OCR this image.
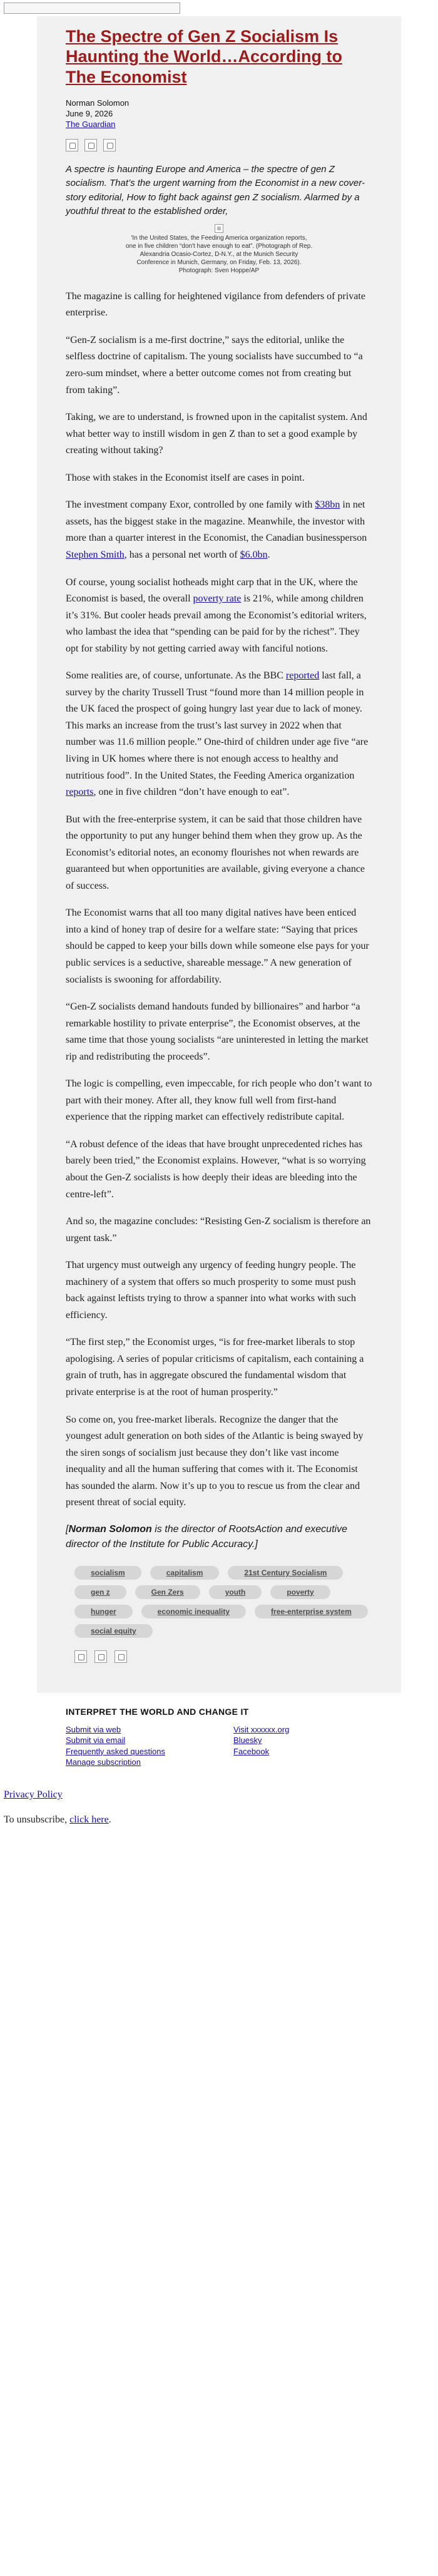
The Spectre of Gen Z Socialism Is Haunting the World…According to The Economist
Norman Solomon
June 9, 2026
The Guardian

A spectre is haunting Europe and America – the spectre of gen Z socialism. That’s the urgent warning from the Economist in a new cover-story editorial, How to fight back against gen Z socialism. Alarmed by a youthful threat to the established order,

'In the United States, the Feeding America organization reports, one in five children “don't have enough to eat”. (Photograph of Rep. Alexandria Ocasio-Cortez, D-N.Y., at the Munich Security Conference in Munich, Germany, on Friday, Feb. 13, 2026). Photograph: Sven Hoppe/AP

The magazine is calling for heightened vigilance from defenders of private enterprise.

“Gen-Z socialism is a me-first doctrine,” says the editorial, unlike the selfless doctrine of capitalism. The young socialists have succumbed to “a zero-sum mindset, where a better outcome comes not from creating but from taking”.

Taking, we are to understand, is frowned upon in the capitalist system. And what better way to instill wisdom in gen Z than to set a good example by creating without taking?

Those with stakes in the Economist itself are cases in point.

The investment company Exor, controlled by one family with $38bn in net assets, has the biggest stake in the magazine. Meanwhile, the investor with more than a quarter interest in the Economist, the Canadian businessperson Stephen Smith, has a personal net worth of $6.0bn.

Of course, young socialist hotheads might carp that in the UK, where the Economist is based, the overall poverty rate is 21%, while among children it’s 31%. But cooler heads prevail among the Economist’s editorial writers, who lambast the idea that “spending can be paid for by the richest”. They opt for stability by not getting carried away with fanciful notions.

Some realities are, of course, unfortunate. As the BBC reported last fall, a survey by the charity Trussell Trust “found more than 14 million people in the UK faced the prospect of going hungry last year due to lack of money. This marks an increase from the trust’s last survey in 2022 when that number was 11.6 million people.” One-third of children under age five “are living in UK homes where there is not enough access to healthy and nutritious food”. In the United States, the Feeding America organization reports, one in five children “don’t have enough to eat”.

But with the free-enterprise system, it can be said that those children have the opportunity to put any hunger behind them when they grow up. As the Economist’s editorial notes, an economy flourishes not when rewards are guaranteed but when opportunities are available, giving everyone a chance of success.

The Economist warns that all too many digital natives have been enticed into a kind of honey trap of desire for a welfare state: “Saying that prices should be capped to keep your bills down while someone else pays for your public services is a seductive, shareable message.” A new generation of socialists is swooning for affordability.

“Gen-Z socialists demand handouts funded by billionaires” and harbor “a remarkable hostility to private enterprise”, the Economist observes, at the same time that those young socialists “are uninterested in letting the market rip and redistributing the proceeds”.

The logic is compelling, even impeccable, for rich people who don’t want to part with their money. After all, they know full well from first-hand experience that the ripping market can effectively redistribute capital.

“A robust defence of the ideas that have brought unprecedented riches has barely been tried,” the Economist explains. However, “what is so worrying about the Gen-Z socialists is how deeply their ideas are bleeding into the centre-left”.

And so, the magazine concludes: “Resisting Gen-Z socialism is therefore an urgent task.”

That urgency must outweigh any urgency of feeding hungry people. The machinery of a system that offers so much prosperity to some must push back against leftists trying to throw a spanner into what works with such efficiency.

“The first step,” the Economist urges, “is for free-market liberals to stop apologising. A series of popular criticisms of capitalism, each containing a grain of truth, has in aggregate obscured the fundamental wisdom that private enterprise is at the root of human prosperity.”

So come on, you free-market liberals. Recognize the danger that the youngest adult generation on both sides of the Atlantic is being swayed by the siren songs of socialism just because they don’t like vast income inequality and all the human suffering that comes with it. The Economist has sounded the alarm. Now it’s up to you to rescue us from the clear and present threat of social equity.

[Norman Solomon is the director of RootsAction and executive director of the Institute for Public Accuracy.]

socialism	capitalism	21st Century Socialism
gen z	Gen Zers	youth	poverty
hunger	economic inequality	free-enterprise system
social equity
INTERPRET THE WORLD AND CHANGE IT
Submit via web
Submit via email
Frequently asked questions
Manage subscription
Visit xxxxxx.org
Bluesky
Facebook

Privacy Policy

To unsubscribe, click here.
